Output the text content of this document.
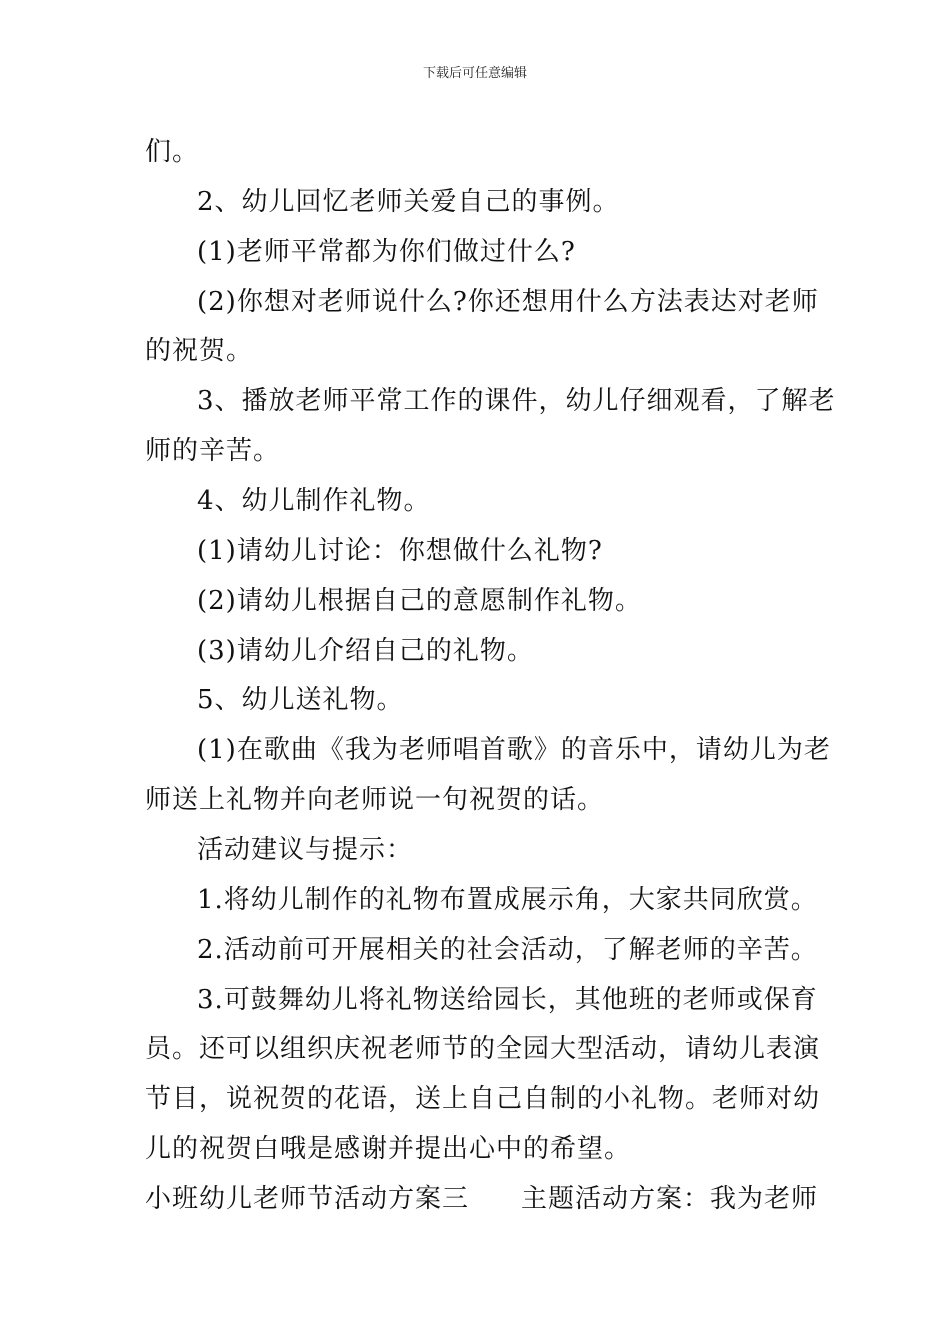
下载后可任意编辑
们。
2、幼儿回忆老师关爱自己的事例。
(1)老师平常都为你们做过什么?
(2)你想对老师说什么?你还想用什么方法表达对老师
的祝贺。
3、播放老师平常工作的课件，幼儿仔细观看，了解老
师的辛苦。
4、幼儿制作礼物。
(1)请幼儿讨论：你想做什么礼物?
(2)请幼儿根据自己的意愿制作礼物。
(3)请幼儿介绍自己的礼物。
5、幼儿送礼物。
(1)在歌曲《我为老师唱首歌》的音乐中，请幼儿为老
师送上礼物并向老师说一句祝贺的话。
活动建议与提示：
1.将幼儿制作的礼物布置成展示角，大家共同欣赏。
2.活动前可开展相关的社会活动，了解老师的辛苦。
3.可鼓舞幼儿将礼物送给园长，其他班的老师或保育
员。还可以组织庆祝老师节的全园大型活动，请幼儿表演
节目，说祝贺的花语，送上自己自制的小礼物。老师对幼
儿的祝贺白哦是感谢并提出心中的希望。
小班幼儿老师节活动方案三 主题活动方案：我为老师
